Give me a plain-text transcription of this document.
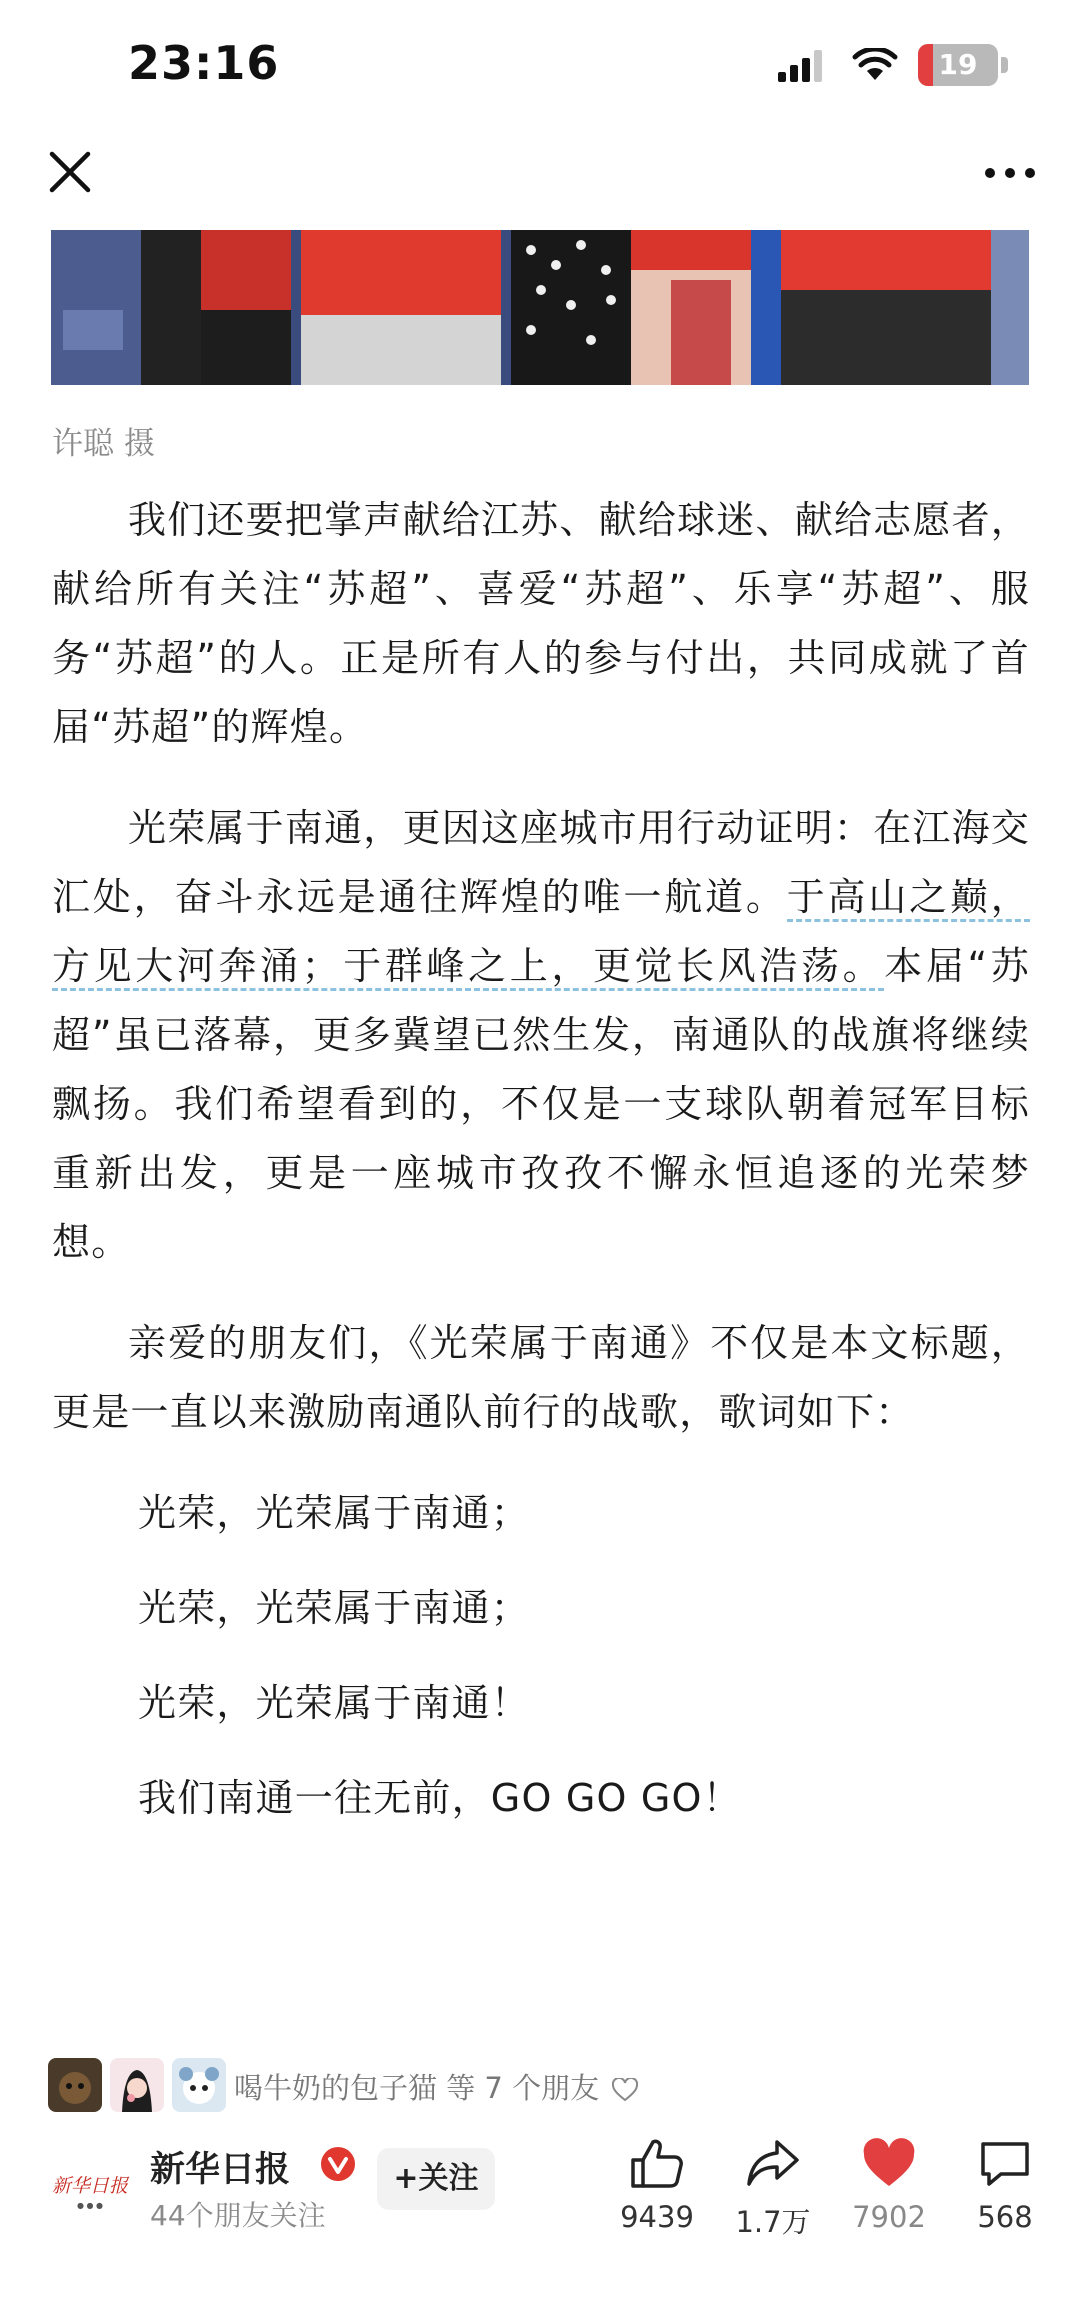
23:16	19
许聪 摄

我们还要把掌声献给江苏、献给球迷、献给志愿者，献给所有关注“苏超”、喜爱“苏超”、乐享“苏超”、服务“苏超”的人。正是所有人的参与付出，共同成就了首届“苏超”的辉煌。

光荣属于南通，更因这座城市用行动证明：在江海交汇处，奋斗永远是通往辉煌的唯一航道。于高山之巅，方见大河奔涌；于群峰之上，更觉长风浩荡。本届“苏超”虽已落幕，更多冀望已然生发，南通队的战旗将继续飘扬。我们希望看到的，不仅是一支球队朝着冠军目标重新出发，更是一座城市孜孜不懈永恒追逐的光荣梦想。

亲爱的朋友们，《光荣属于南通》不仅是本文标题，更是一直以来激励南通队前行的战歌，歌词如下：

光荣，光荣属于南通；

光荣，光荣属于南通；

光荣，光荣属于南通！

我们南通一往无前，GO GO GO！

喝牛奶的包子猫 等 7 个朋友
新华日报
● ● ●
新华日报
44个朋友关注
+关注
9439	1.7万	7902	568
